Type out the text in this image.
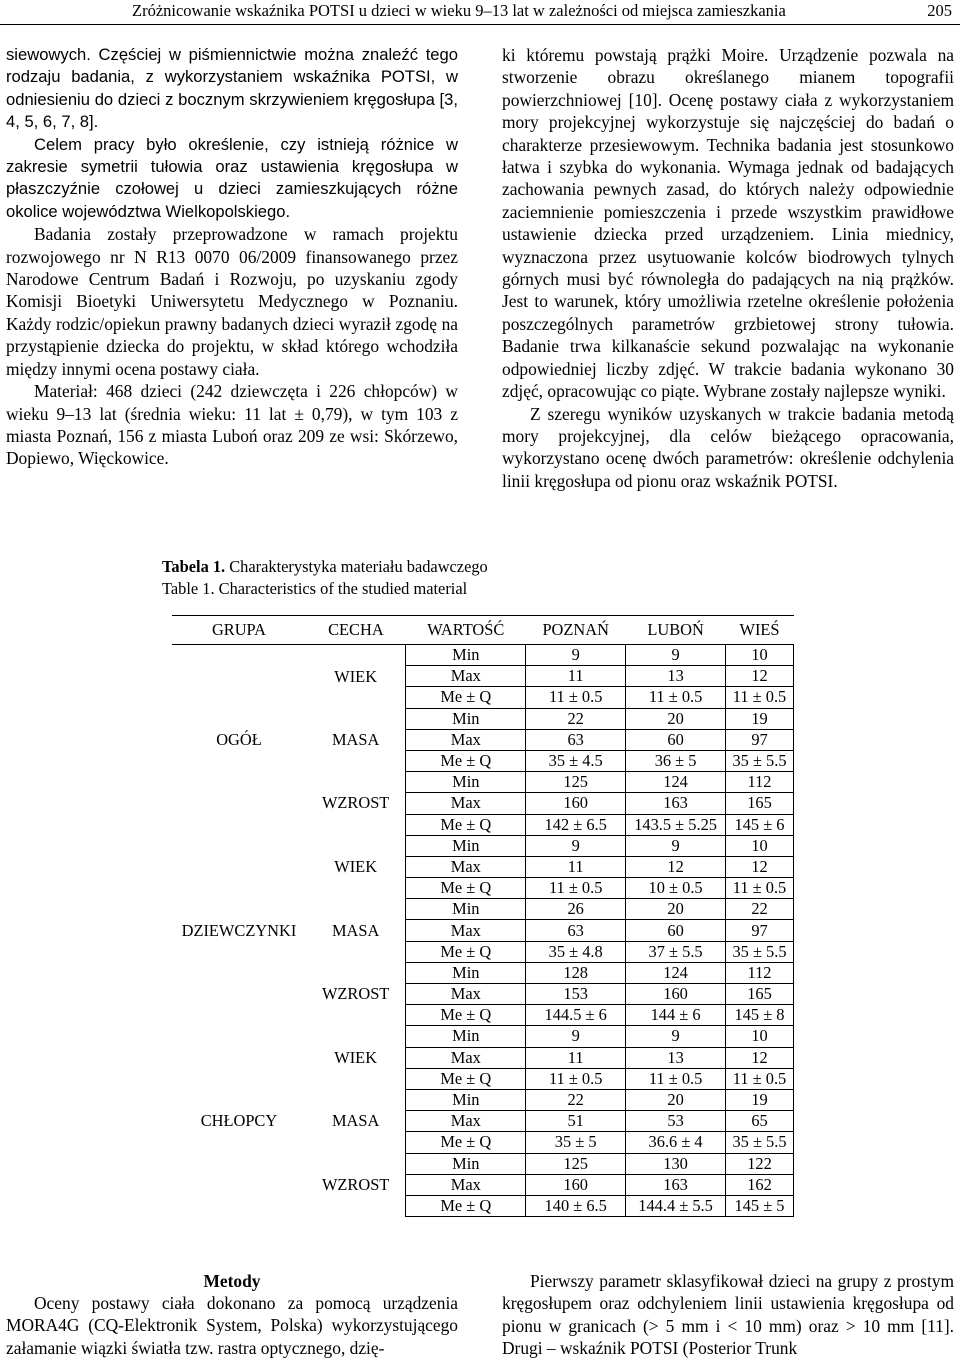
Zróżnicowanie wskaźnika POTSI u dzieci w wieku 9–13 lat w zależności od miejsca zamieszkania	205

siewowych. Częściej w piśmiennictwie można znaleźć tego rodzaju badania, z wykorzystaniem wskaźnika POTSI, w odniesieniu do dzieci z bocznym skrzywieniem kręgosłupa [3, 4, 5, 6, 7, 8].

Celem pracy było określenie, czy istnieją różnice w zakresie symetrii tułowia oraz ustawienia kręgosłupa w płaszczyźnie czołowej u dzieci zamieszkujących różne okolice województwa Wielkopolskiego.

Badania zostały przeprowadzone w ramach projektu rozwojowego nr N R13 0070 06/2009 finansowanego przez Narodowe Centrum Badań i Rozwoju, po uzyskaniu zgody Komisji Bioetyki Uniwersytetu Medycznego w Poznaniu. Każdy rodzic/opiekun prawny badanych dzieci wyraził zgodę na przystąpienie dziecka do projektu, w skład którego wchodziła między innymi ocena postawy ciała.

Materiał: 468 dzieci (242 dziewczęta i 226 chłopców) w wieku 9–13 lat (średnia wieku: 11 lat ± 0,79), w tym 103 z miasta Poznań, 156 z miasta Luboń oraz 209 ze wsi: Skórzewo, Dopiewo, Więckowice.

ki któremu powstają prążki Moire. Urządzenie pozwala na stworzenie obrazu określanego mianem topografii powierzchniowej [10]. Ocenę postawy ciała z wykorzystaniem mory projekcyjnej wykorzystuje się najczęściej do badań o charakterze przesiewowym. Technika badania jest stosunkowo łatwa i szybka do wykonania. Wymaga jednak od badających zachowania pewnych zasad, do których należy odpowiednie zaciemnienie pomieszczenia i przede wszystkim prawidłowe ustawienie dziecka przed urządzeniem. Linia miednicy, wyznaczona przez usytuowanie kolców biodrowych tylnych górnych musi być równoległa do padających na nią prążków. Jest to warunek, który umożliwia rzetelne określenie położenia poszczególnych parametrów grzbietowej strony tułowia. Badanie trwa kilkanaście sekund pozwalając na wykonanie odpowiedniej liczby zdjęć. W trakcie badania wykonano 30 zdjęć, opracowując co piąte. Wybrane zostały najlepsze wyniki.

Z szeregu wyników uzyskanych w trakcie badania metodą mory projekcyjnej, dla celów bieżącego opracowania, wykorzystano ocenę dwóch parametrów: określenie odchylenia linii kręgosłupa od pionu oraz wskaźnik POTSI.

Tabela 1. Charakterystyka materiału badawczego
Table 1. Characteristics of the studied material
GRUPA	CECHA	WARTOŚĆ	POZNAŃ	LUBOŃ	WIEŚ
OGÓŁ	WIEK	Min	9	9	10
		Max	11	13	12
		Me ± Q	11 ± 0.5	11 ± 0.5	11 ± 0.5
	MASA	Min	22	20	19
		Max	63	60	97
		Me ± Q	35 ± 4.5	36 ± 5	35 ± 5.5
	WZROST	Min	125	124	112
		Max	160	163	165
		Me ± Q	142 ± 6.5	143.5 ± 5.25	145 ± 6
DZIEWCZYNKI	WIEK	Min	9	9	10
		Max	11	12	12
		Me ± Q	11 ± 0.5	10 ± 0.5	11 ± 0.5
	MASA	Min	26	20	22
		Max	63	60	97
		Me ± Q	35 ± 4.8	37 ± 5.5	35 ± 5.5
	WZROST	Min	128	124	112
		Max	153	160	165
		Me ± Q	144.5 ± 6	144 ± 6	145 ± 8
CHŁOPCY	WIEK	Min	9	9	10
		Max	11	13	12
		Me ± Q	11 ± 0.5	11 ± 0.5	11 ± 0.5
	MASA	Min	22	20	19
		Max	51	53	65
		Me ± Q	35 ± 5	36.6 ± 4	35 ± 5.5
	WZROST	Min	125	130	122
		Max	160	163	162
		Me ± Q	140 ± 6.5	144.4 ± 5.5	145 ± 5
Metody

Oceny postawy ciała dokonano za pomocą urządzenia MORA4G (CQ-Elektronik System, Polska) wykorzystującego załamanie wiązki światła tzw. rastra optycznego, dzię-

Pierwszy parametr sklasyfikował dzieci na grupy z prostym kręgosłupem oraz odchyleniem linii ustawienia kręgosłupa od pionu w granicach (> 5 mm i < 10 mm) oraz > 10 mm [11]. Drugi – wskaźnik POTSI (Posterior Trunk
